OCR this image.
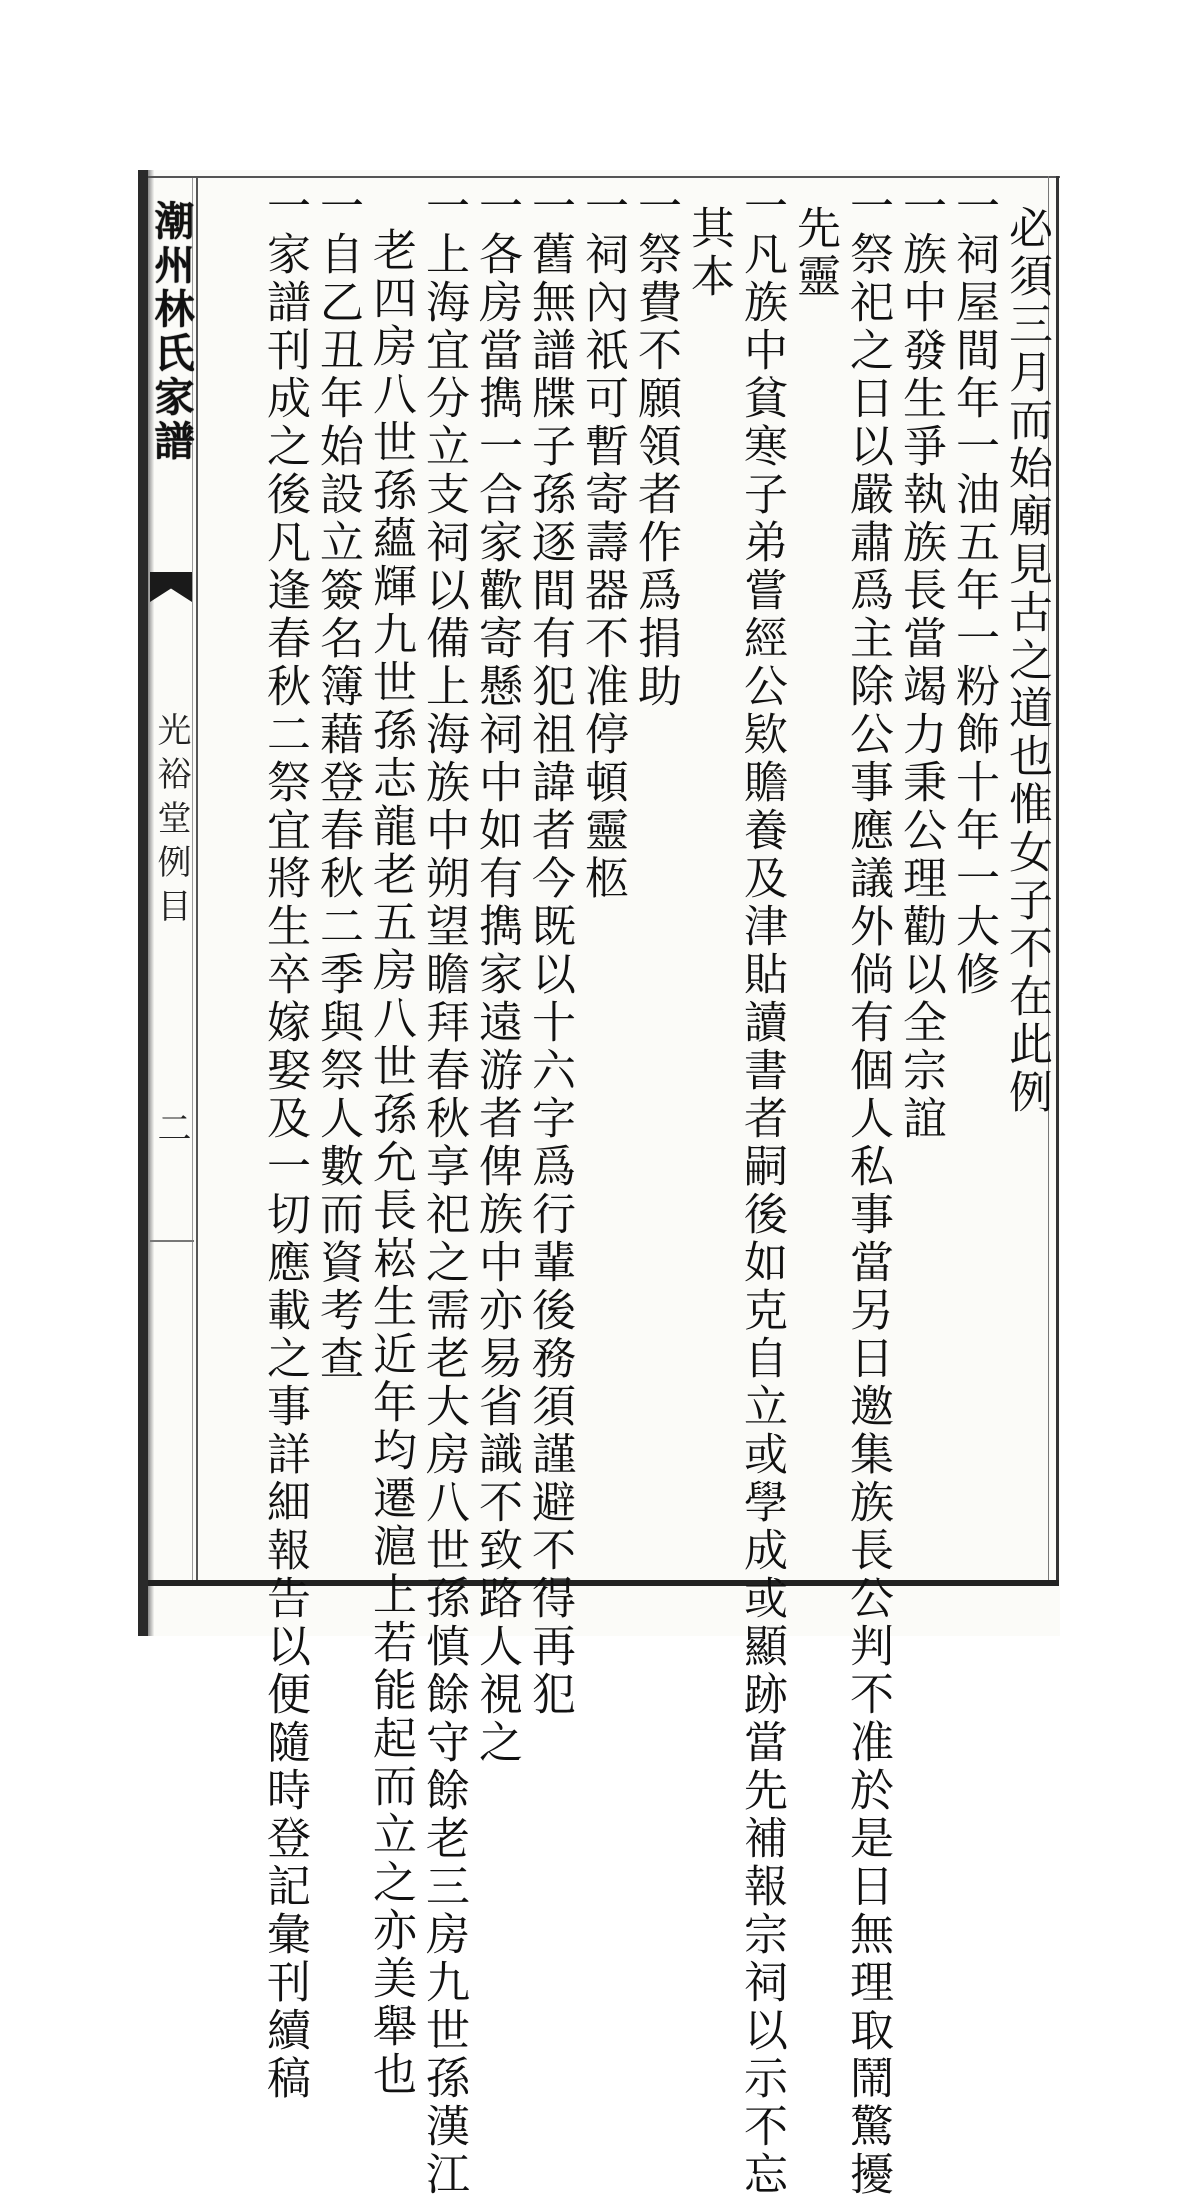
潮州林氏家譜
光裕堂例目
二
必須三月而始廟見古之道也惟女子不在此例
一祠屋間年一油五年一粉飾十年一大修
一族中發生爭執族長當竭力秉公理勸以全宗誼
一祭祀之日以嚴肅爲主除公事應議外倘有個人私事當另日邀集族長公判不准於是日無理取鬧驚擾
先靈
一凡族中貧寒子弟嘗經公欵贍養及津貼讀書者嗣後如克自立或學成或顯跡當先補報宗祠以示不忘
其本
一祭費不願領者作爲捐助
一祠內祇可暫寄壽器不准停頓靈柩
一舊無譜牒子孫逐間有犯祖諱者今既以十六字爲行輩後務須謹避不得再犯
一各房當擕一合家歡寄懸祠中如有擕家遠游者俾族中亦易省識不致路人視之
一上海宜分立支祠以備上海族中朔望瞻拜春秋享祀之需老大房八世孫慎餘守餘老三房九世孫漢江
老四房八世孫蘊輝九世孫志龍老五房八世孫允長崧生近年均遷滬上若能起而立之亦美舉也
一自乙丑年始設立簽名簿藉登春秋二季與祭人數而資考查
一家譜刊成之後凡逢春秋二祭宜將生卒嫁娶及一切應載之事詳細報告以便隨時登記彙刊續稿
